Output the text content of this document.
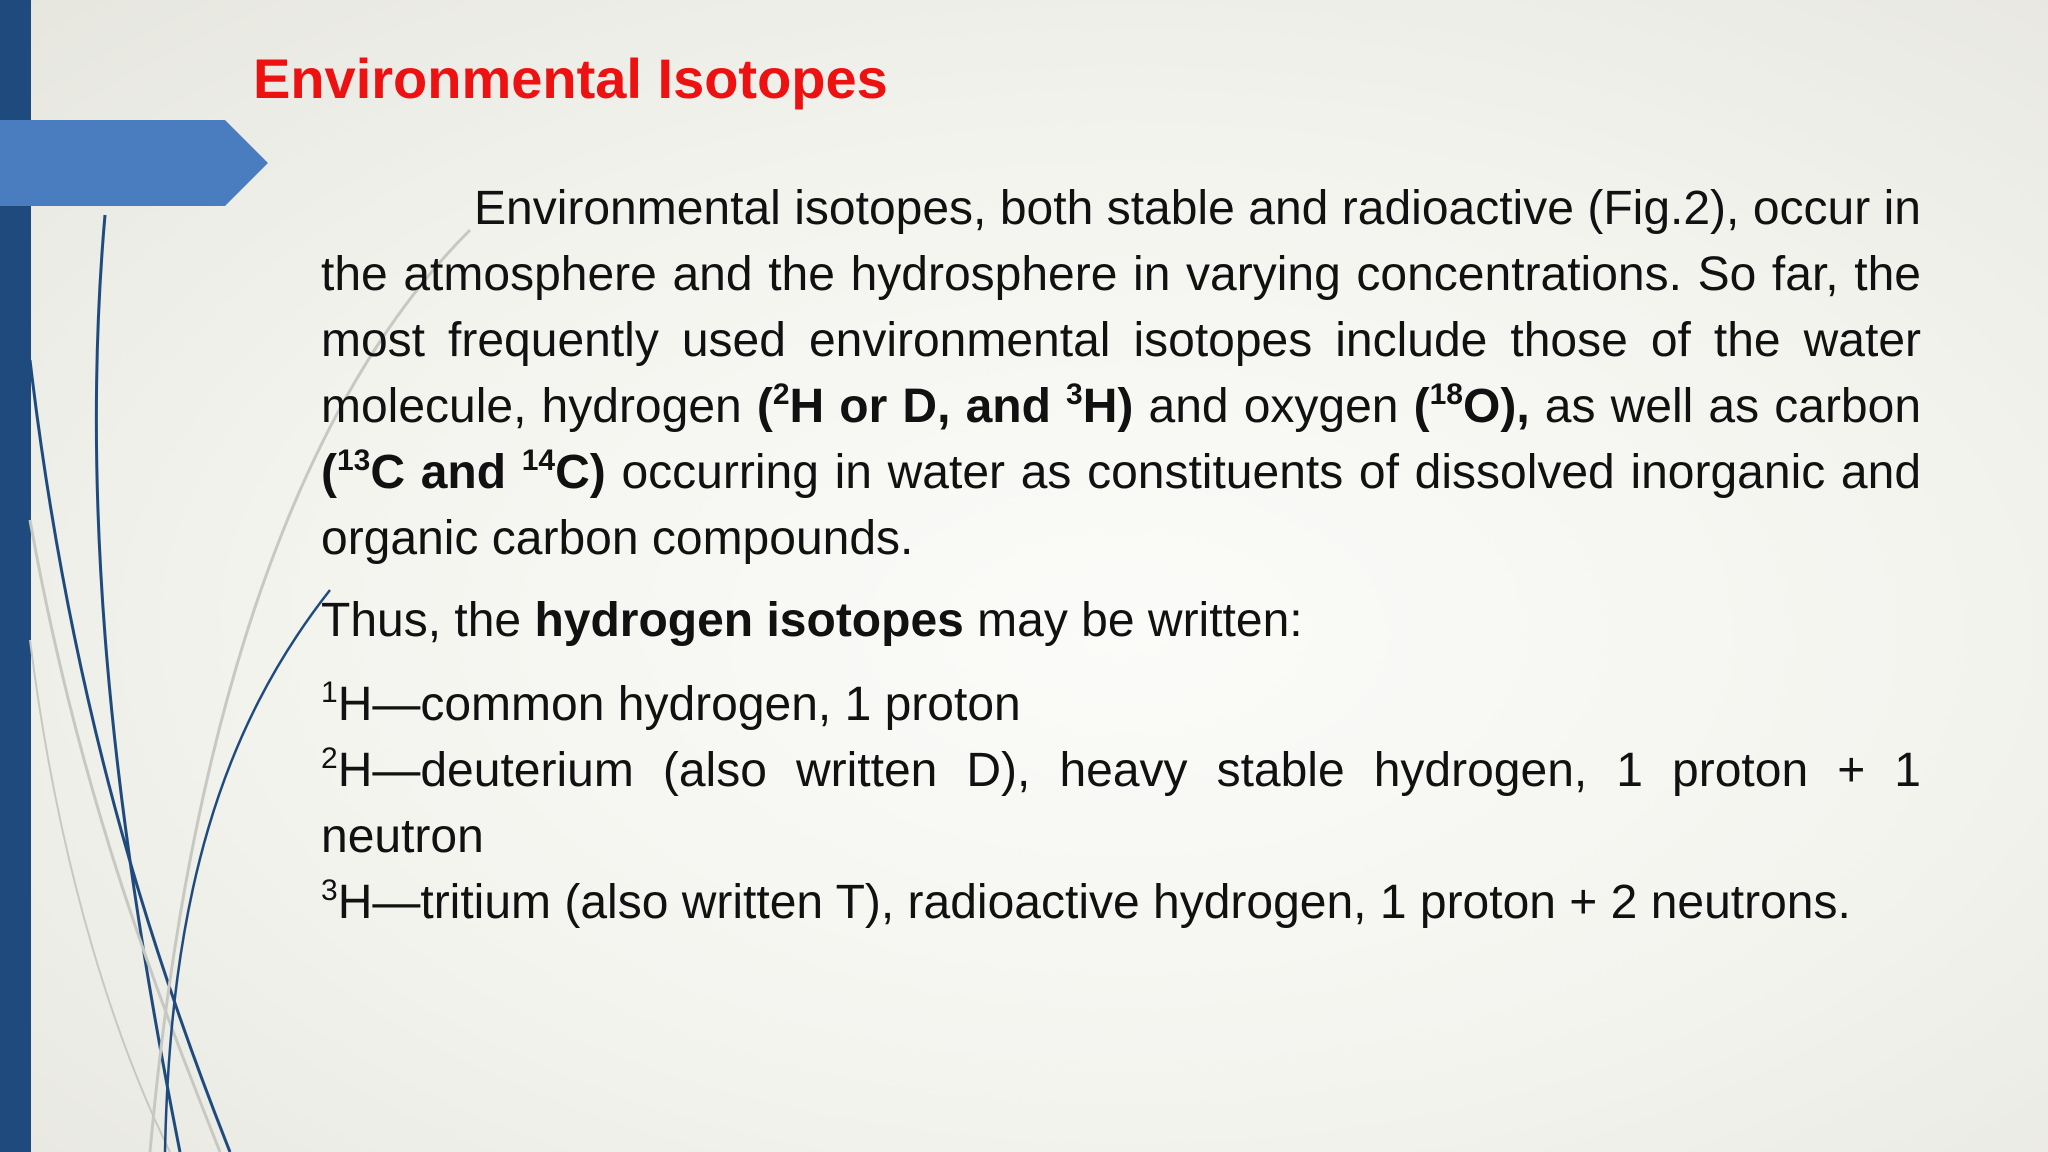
Environmental Isotopes

Environmental isotopes, both stable and radioactive (Fig.2), occur in the atmosphere and the hydrosphere in varying concentrations. So far, the most frequently used environmental isotopes include those of the water molecule, hydrogen ($^2$H or D, and $^3$H) and oxygen ($^{18}$O), as well as carbon ($^{13}$C and $^{14}$C) occurring in water as constituents of dissolved inorganic and organic carbon compounds.

Thus, the hydrogen isotopes may be written:

$^1$H—common hydrogen, 1 proton
$^2$H—deuterium (also written D), heavy stable hydrogen, 1 proton + 1 neutron
$^3$H—tritium (also written T), radioactive hydrogen, 1 proton + 2 neutrons.
